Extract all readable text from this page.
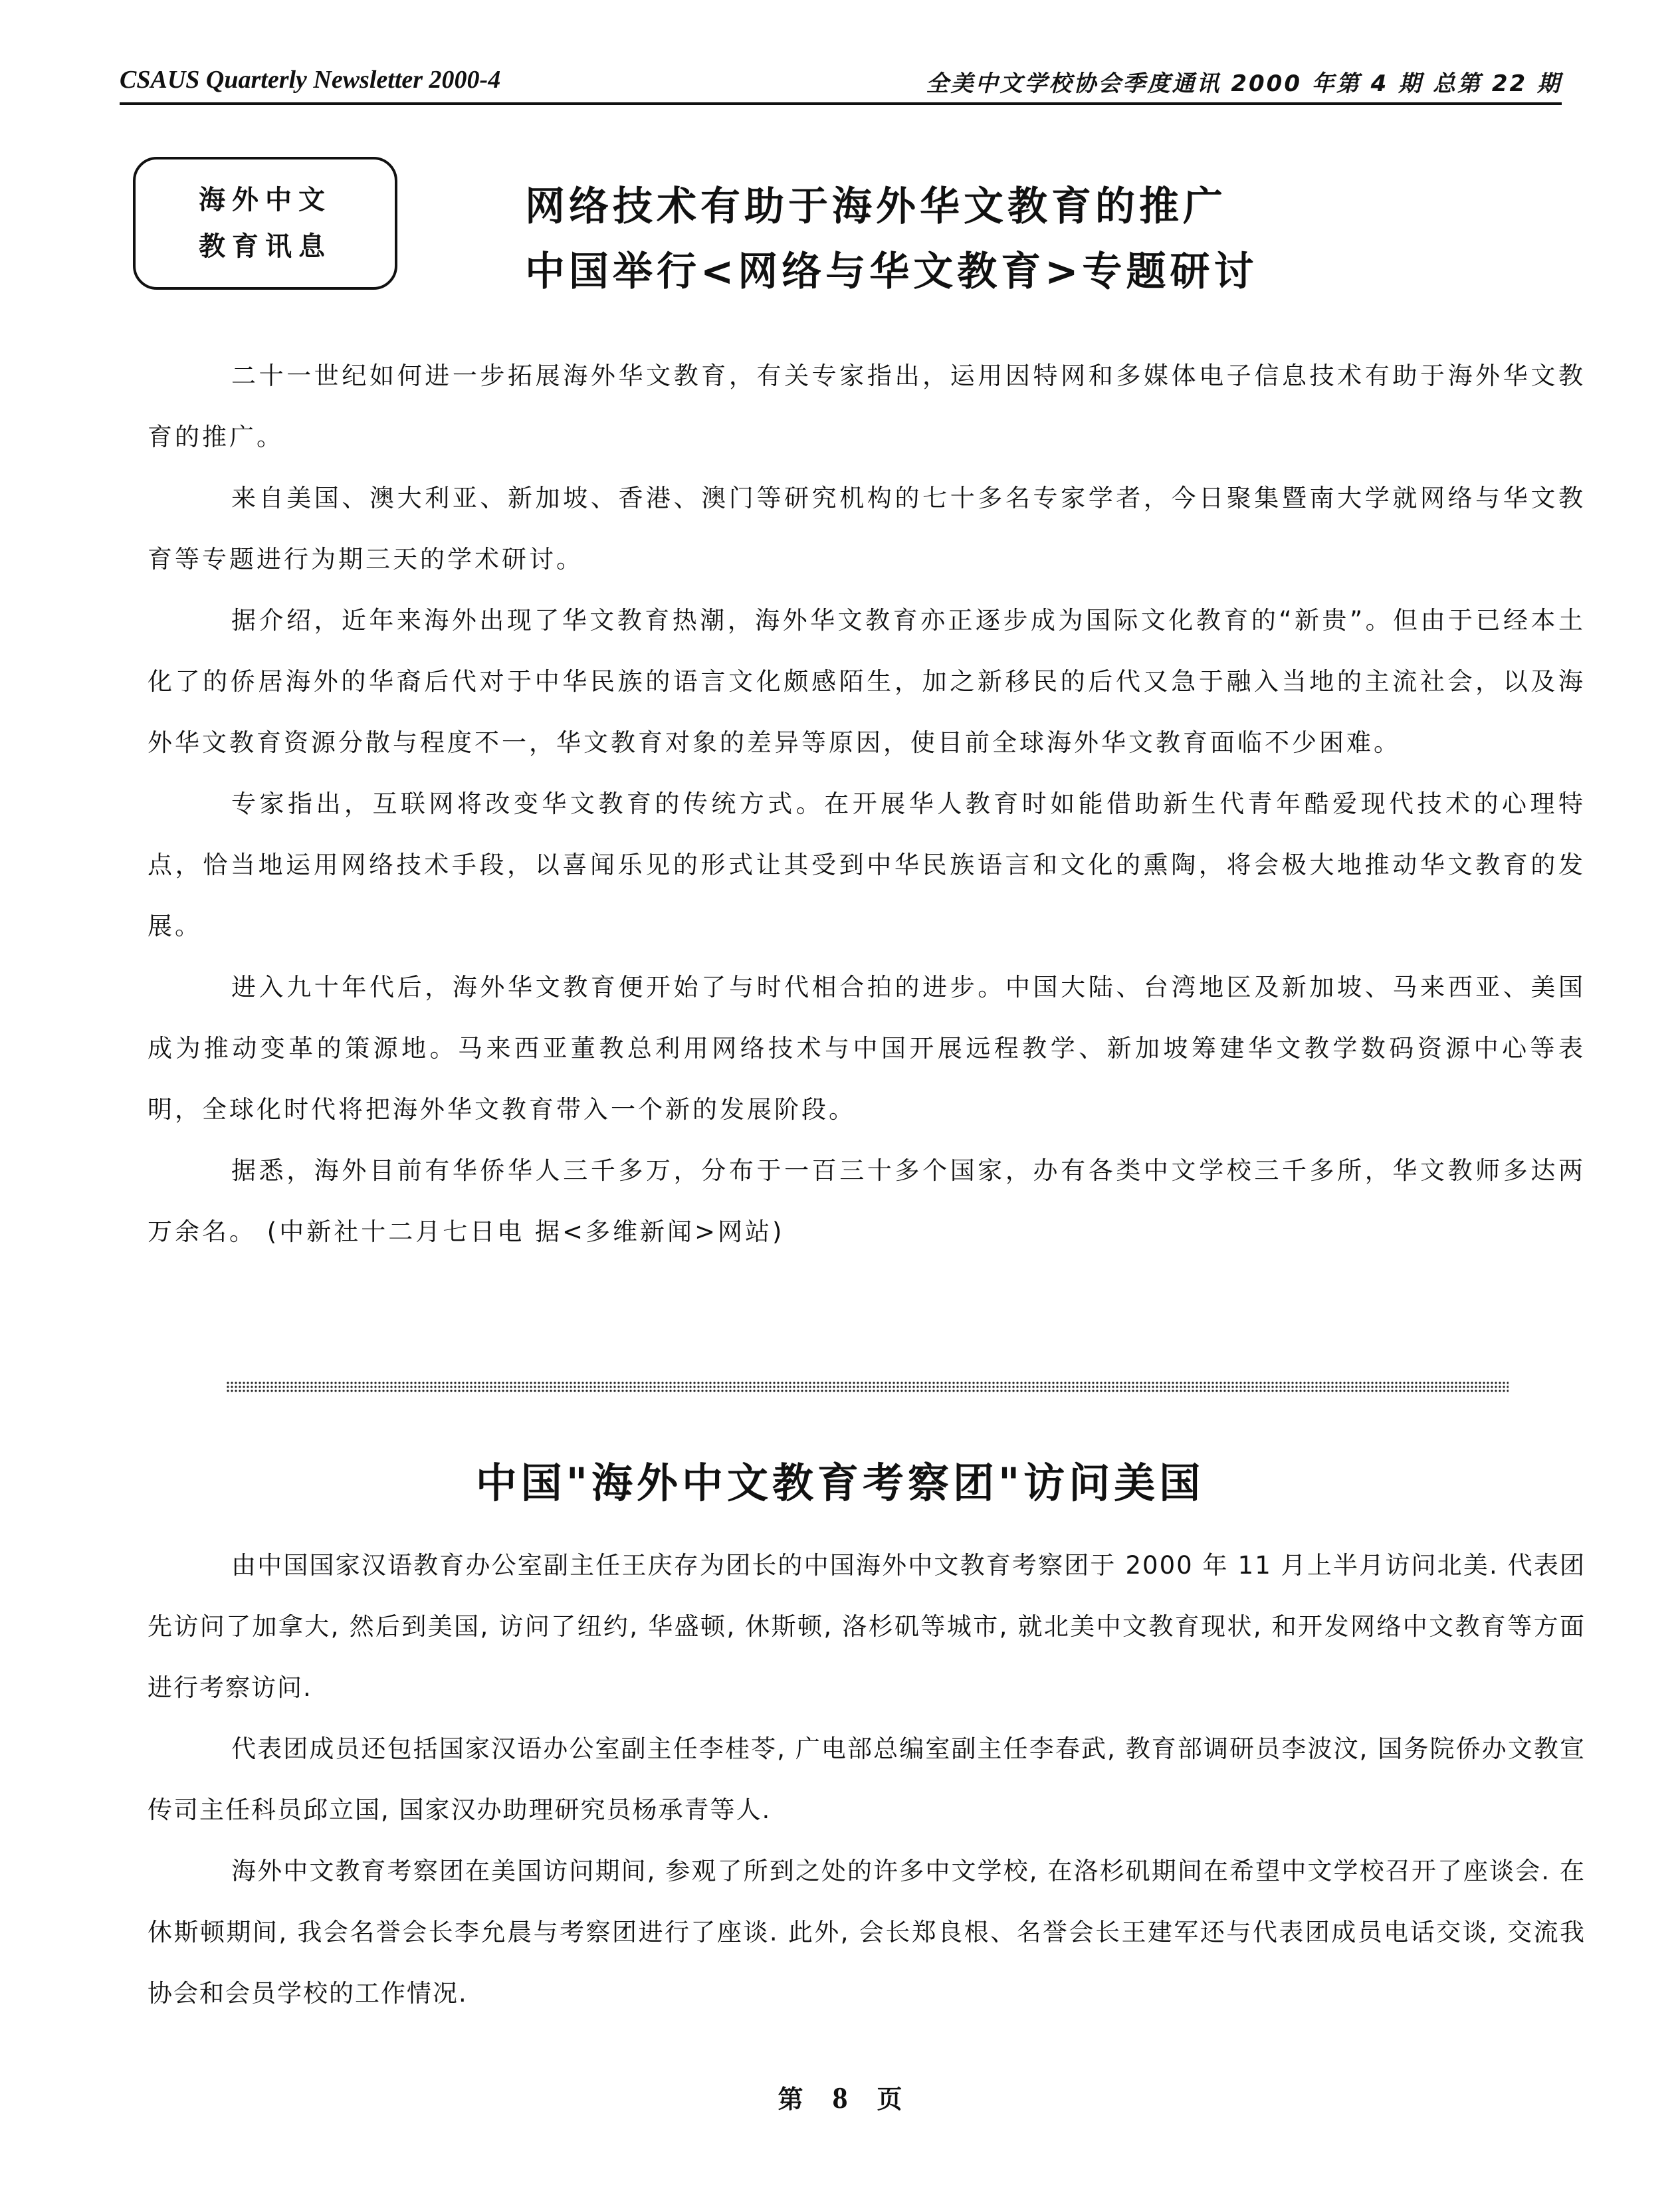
CSAUS Quarterly Newsletter 2000-4	全美中文学校协会季度通讯 2000 年第 4 期 总第 22 期
海外中文
教育讯息
网络技术有助于海外华文教育的推广
中国举行<网络与华文教育>专题研讨

二十一世纪如何进一步拓展海外华文教育，有关专家指出，运用因特网和多媒体电子信息技术有助于海外华文教育的推广。

来自美国、澳大利亚、新加坡、香港、澳门等研究机构的七十多名专家学者，今日聚集暨南大学就网络与华文教育等专题进行为期三天的学术研讨。

据介绍，近年来海外出现了华文教育热潮，海外华文教育亦正逐步成为国际文化教育的“新贵”。但由于已经本土化了的侨居海外的华裔后代对于中华民族的语言文化颇感陌生，加之新移民的后代又急于融入当地的主流社会，以及海外华文教育资源分散与程度不一，华文教育对象的差异等原因，使目前全球海外华文教育面临不少困难。

专家指出，互联网将改变华文教育的传统方式。在开展华人教育时如能借助新生代青年酷爱现代技术的心理特点，恰当地运用网络技术手段，以喜闻乐见的形式让其受到中华民族语言和文化的熏陶，将会极大地推动华文教育的发展。

进入九十年代后，海外华文教育便开始了与时代相合拍的进步。中国大陆、台湾地区及新加坡、马来西亚、美国成为推动变革的策源地。马来西亚董教总利用网络技术与中国开展远程教学、新加坡筹建华文教学数码资源中心等表明，全球化时代将把海外华文教育带入一个新的发展阶段。

据悉，海外目前有华侨华人三千多万，分布于一百三十多个国家，办有各类中文学校三千多所，华文教师多达两万余名。 (中新社十二月七日电 据<多维新闻>网站)

中国"海外中文教育考察团"访问美国

由中国国家汉语教育办公室副主任王庆存为团长的中国海外中文教育考察团于 2000 年 11 月上半月访问北美. 代表团先访问了加拿大, 然后到美国, 访问了纽约, 华盛顿, 休斯顿, 洛杉矶等城市, 就北美中文教育现状, 和开发网络中文教育等方面进行考察访问.

代表团成员还包括国家汉语办公室副主任李桂苓, 广电部总编室副主任李春武, 教育部调研员李波汶, 国务院侨办文教宣传司主任科员邱立国, 国家汉办助理研究员杨承青等人.

海外中文教育考察团在美国访问期间, 参观了所到之处的许多中文学校, 在洛杉矶期间在希望中文学校召开了座谈会. 在休斯顿期间, 我会名誉会长李允晨与考察团进行了座谈. 此外, 会长郑良根、名誉会长王建军还与代表团成员电话交谈, 交流我协会和会员学校的工作情况.

第 8 页
